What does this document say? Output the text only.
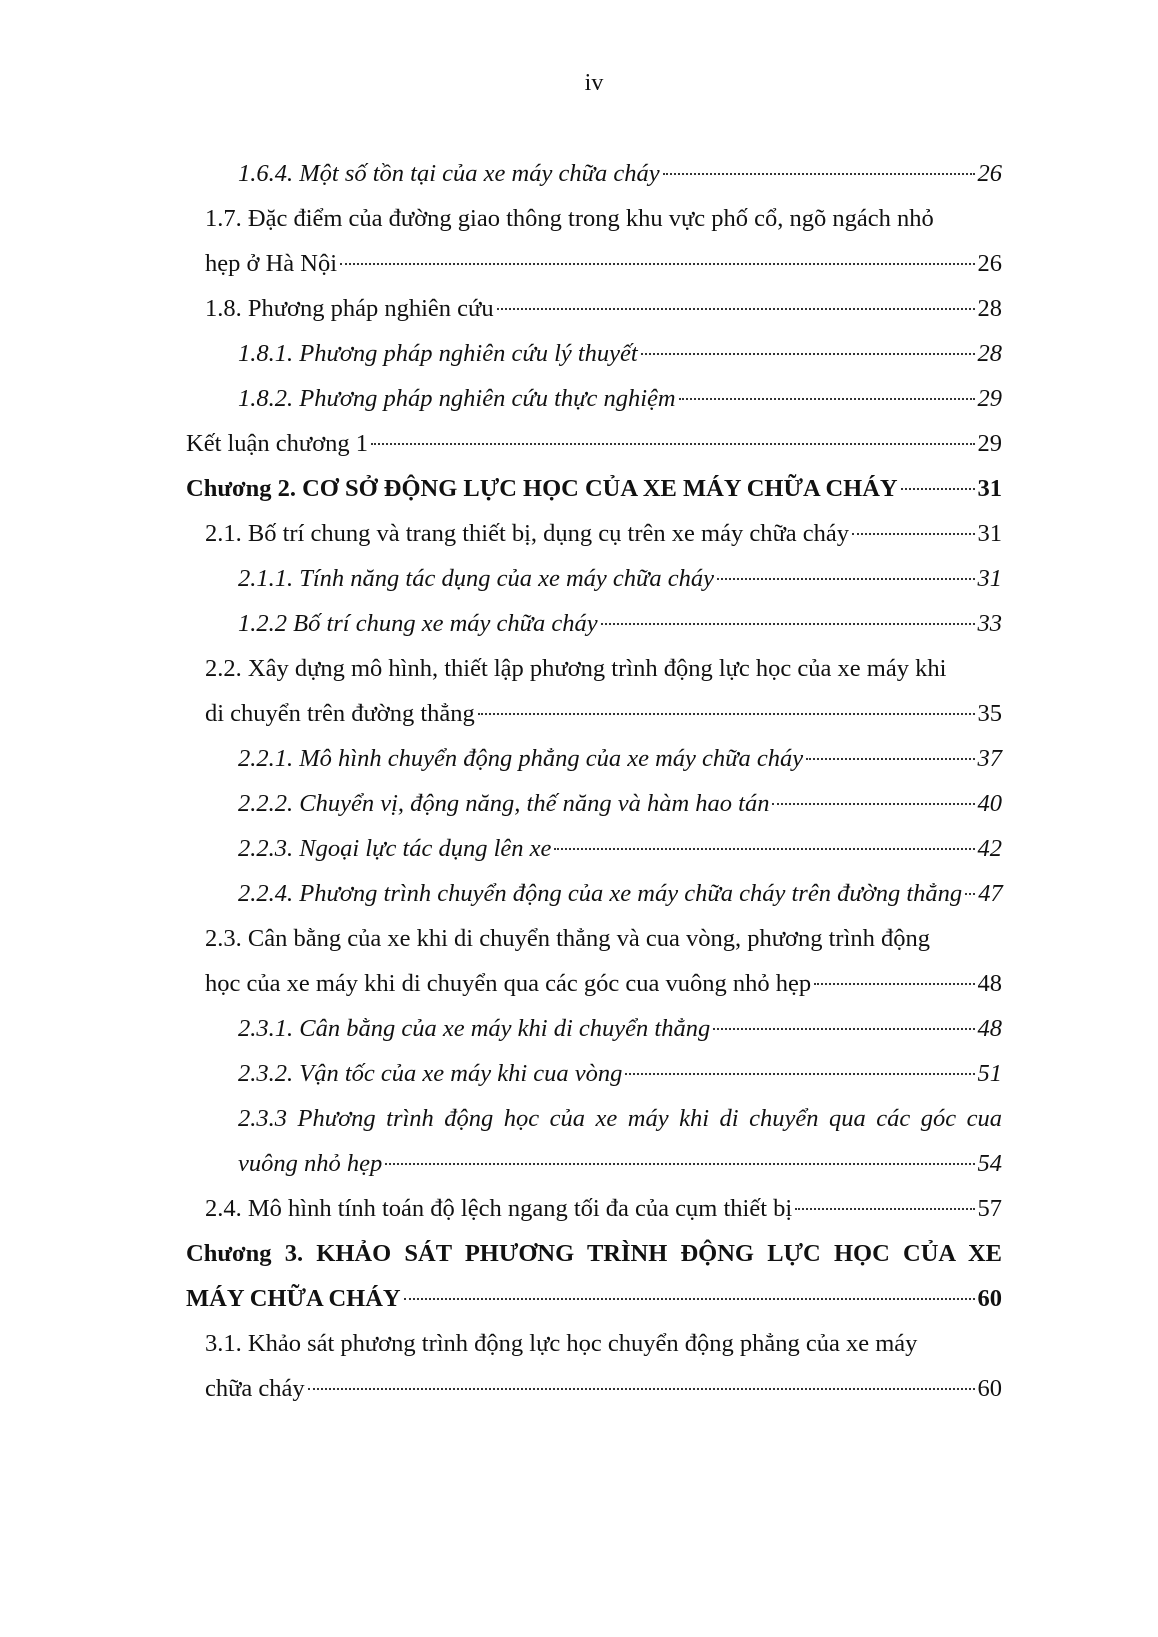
iv
1.6.4. Một số tồn tại của xe máy chữa cháy	26
1.7. Đặc điểm của đường giao thông trong khu vực phố cổ, ngõ ngách nhỏ
hẹp ở Hà Nội	26
1.8. Phương pháp nghiên cứu	28
1.8.1. Phương pháp nghiên cứu lý thuyết	28
1.8.2. Phương pháp nghiên cứu thực nghiệm	29
Kết luận chương 1	29
Chương 2. CƠ SỞ ĐỘNG LỰC HỌC CỦA XE MÁY CHỮA CHÁY	31
2.1. Bố trí chung và trang thiết bị, dụng cụ trên xe máy chữa cháy	31
2.1.1. Tính năng tác dụng của xe máy chữa cháy	31
1.2.2 Bố trí chung xe máy chữa cháy	33
2.2. Xây dựng mô hình, thiết lập phương trình động lực học của xe máy khi
di chuyển trên đường thẳng	35
2.2.1. Mô hình chuyển động phẳng của xe máy chữa cháy	37
2.2.2. Chuyển vị, động năng, thế năng và hàm hao tán	40
2.2.3. Ngoại lực tác dụng lên xe	42
2.2.4. Phương trình chuyển động của xe máy chữa cháy trên đường thẳng 47
2.3. Cân bằng của xe khi di chuyển thẳng và cua vòng, phương trình động
học của xe máy khi di chuyển qua các góc cua vuông nhỏ hẹp	48
2.3.1. Cân bằng của xe máy khi di chuyển thẳng	48
2.3.2. Vận tốc của xe máy khi cua vòng	51
2.3.3 Phương trình động học của xe máy khi di chuyển qua các góc cua
vuông nhỏ hẹp	54
2.4. Mô hình tính toán độ lệch ngang tối đa của cụm thiết bị	57
Chương 3. KHẢO SÁT PHƯƠNG TRÌNH ĐỘNG LỰC HỌC CỦA XE
MÁY CHỮA CHÁY	60
3.1. Khảo sát phương trình động lực học chuyển động phẳng của xe máy
chữa cháy	60
